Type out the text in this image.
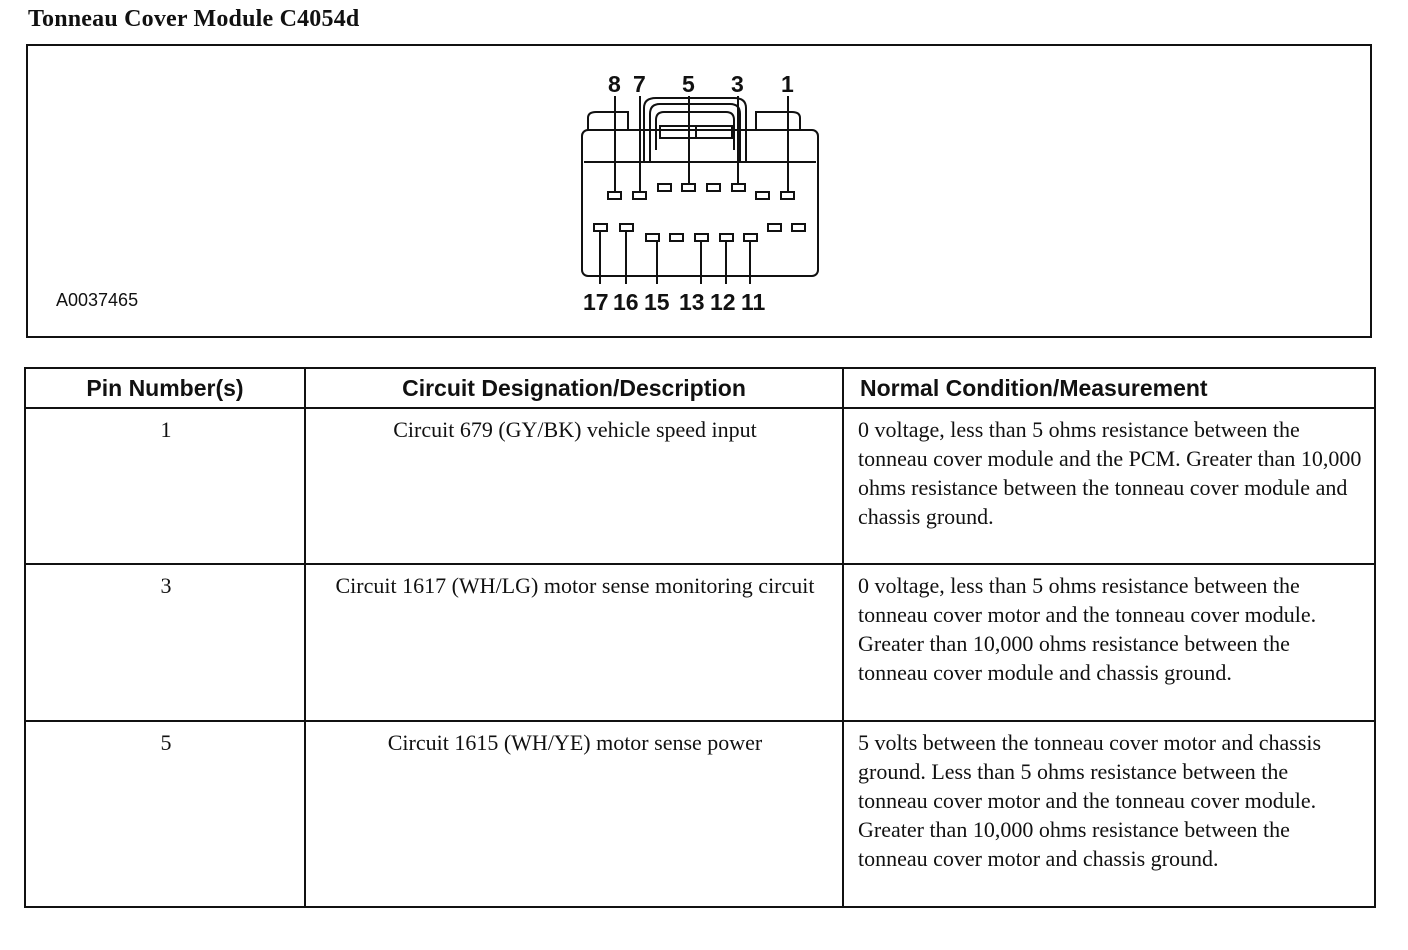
Tonneau Cover Module C4054d
A0037465
8 7 5 3 1
17 16 15 13 12 11
Pin Number(s)	Circuit Designation/Description	Normal Condition/Measurement
1	Circuit 679 (GY/BK) vehicle speed input	0 voltage, less than 5 ohms resistance between the tonneau cover module and the PCM. Greater than 10,000 ohms resistance between the tonneau cover module and chassis ground.
3	Circuit 1617 (WH/LG) motor sense monitoring circuit	0 voltage, less than 5 ohms resistance between the tonneau cover motor and the tonneau cover module. Greater than 10,000 ohms resistance between the tonneau cover module and chassis ground.
5	Circuit 1615 (WH/YE) motor sense power	5 volts between the tonneau cover motor and chassis ground. Less than 5 ohms resistance between the tonneau cover motor and the tonneau cover module. Greater than 10,000 ohms resistance between the tonneau cover motor and chassis ground.
